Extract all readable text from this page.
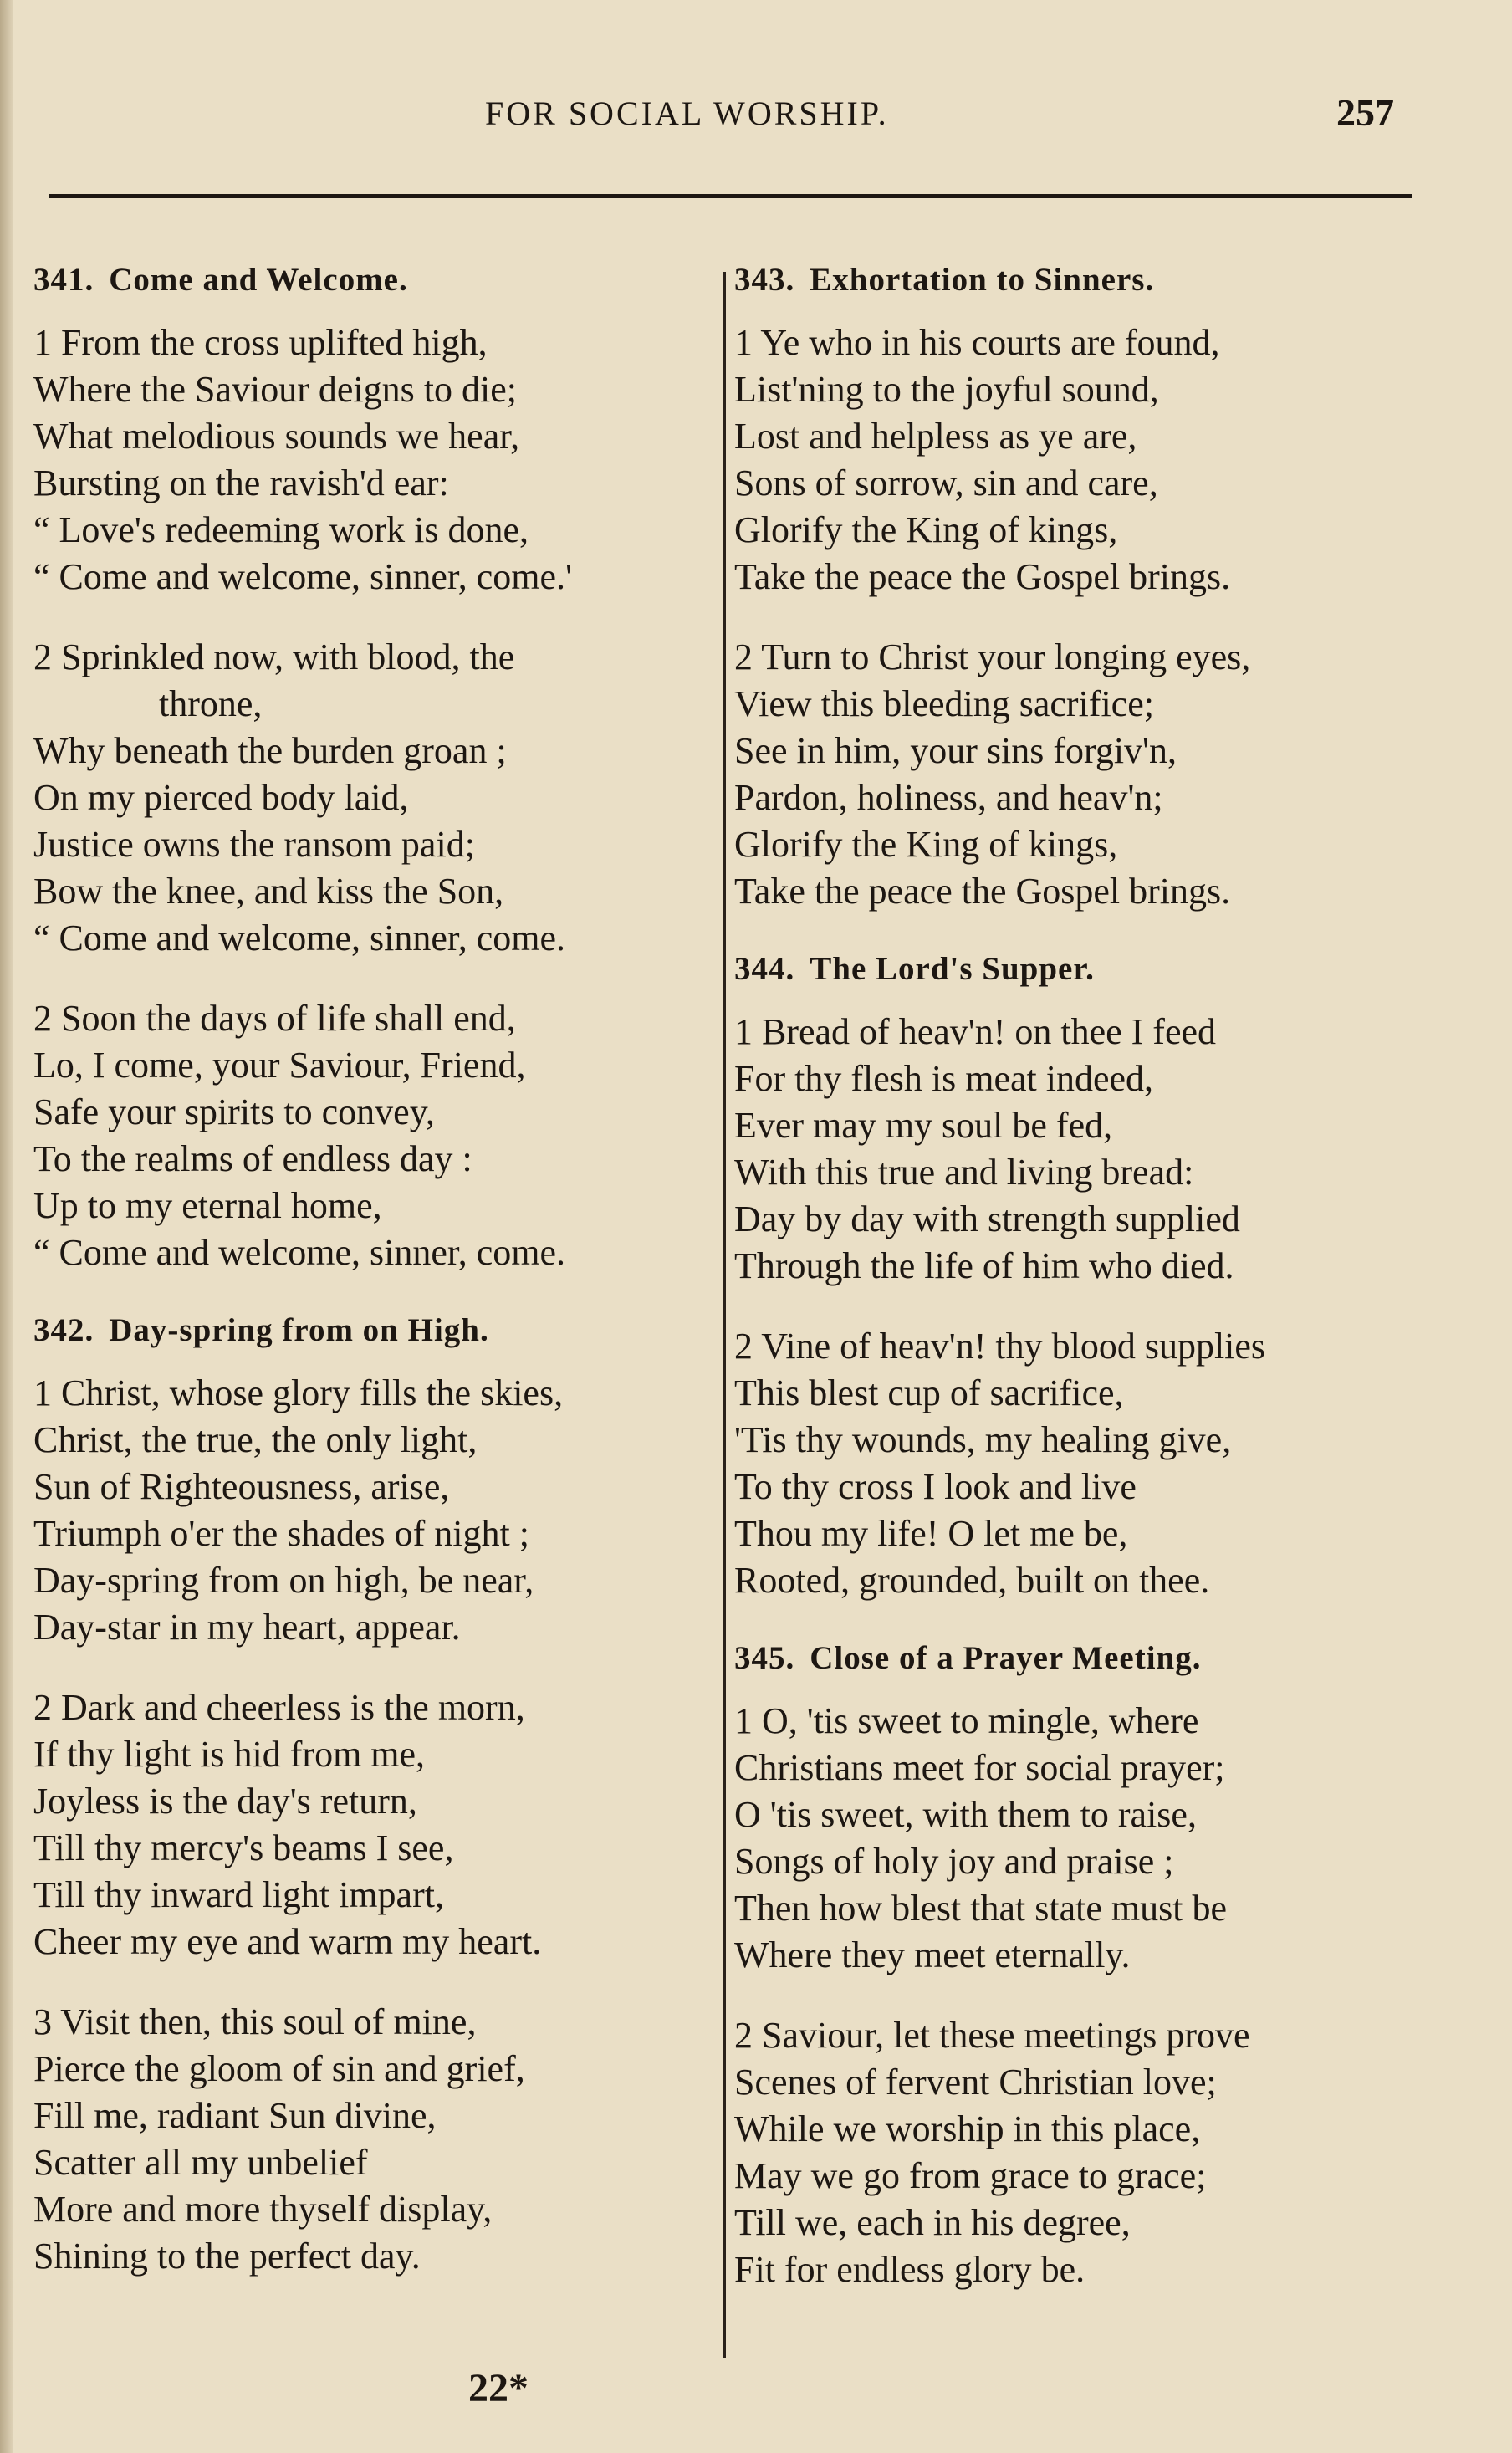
FOR SOCIAL WORSHIP.	257
341. Come and Welcome.
1 From the cross uplifted high,
Where the Saviour deigns to die;
What melodious sounds we hear,
Bursting on the ravish'd ear:
“ Love's redeeming work is done,
“ Come and welcome, sinner, come.'
2 Sprinkled now, with blood, the
throne,
Why beneath the burden groan ;
On my pierced body laid,
Justice owns the ransom paid;
Bow the knee, and kiss the Son,
“ Come and welcome, sinner, come.
2 Soon the days of life shall end,
Lo, I come, your Saviour, Friend,
Safe your spirits to convey,
To the realms of endless day :
Up to my eternal home,
“ Come and welcome, sinner, come.
342. Day-spring from on High.
1 Christ, whose glory fills the skies,
Christ, the true, the only light,
Sun of Righteousness, arise,
Triumph o'er the shades of night ;
Day-spring from on high, be near,
Day-star in my heart, appear.
2 Dark and cheerless is the morn,
If thy light is hid from me,
Joyless is the day's return,
Till thy mercy's beams I see,
Till thy inward light impart,
Cheer my eye and warm my heart.
3 Visit then, this soul of mine,
Pierce the gloom of sin and grief,
Fill me, radiant Sun divine,
Scatter all my unbelief
More and more thyself display,
Shining to the perfect day.
343. Exhortation to Sinners.
1 Ye who in his courts are found,
List'ning to the joyful sound,
Lost and helpless as ye are,
Sons of sorrow, sin and care,
Glorify the King of kings,
Take the peace the Gospel brings.
2 Turn to Christ your longing eyes,
View this bleeding sacrifice;
See in him, your sins forgiv'n,
Pardon, holiness, and heav'n;
Glorify the King of kings,
Take the peace the Gospel brings.
344. The Lord's Supper.
1 Bread of heav'n! on thee I feed
For thy flesh is meat indeed,
Ever may my soul be fed,
With this true and living bread:
Day by day with strength supplied
Through the life of him who died.
2 Vine of heav'n! thy blood supplies
This blest cup of sacrifice,
'Tis thy wounds, my healing give,
To thy cross I look and live
Thou my life! O let me be,
Rooted, grounded, built on thee.
345. Close of a Prayer Meeting.
1 O, 'tis sweet to mingle, where
Christians meet for social prayer;
O 'tis sweet, with them to raise,
Songs of holy joy and praise ;
Then how blest that state must be
Where they meet eternally.
2 Saviour, let these meetings prove
Scenes of fervent Christian love;
While we worship in this place,
May we go from grace to grace;
Till we, each in his degree,
Fit for endless glory be.
22*
